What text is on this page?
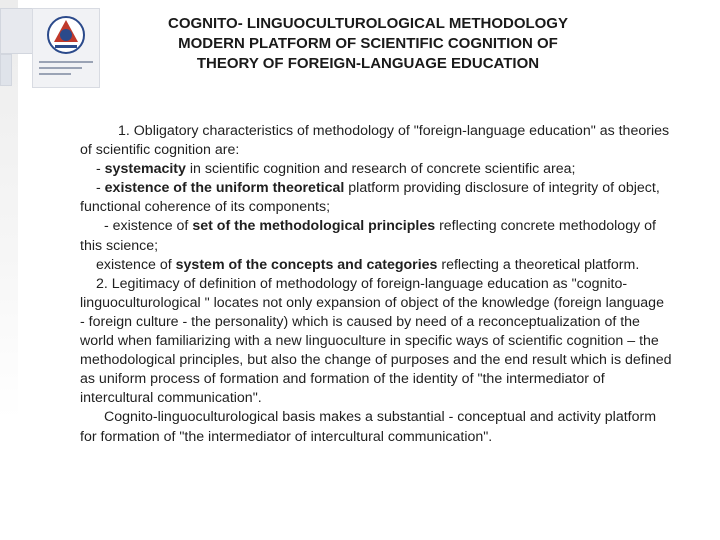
COGNITO- LINGUOCULTUROLOGICAL METHODOLOGY
MODERN PLATFORM OF SCIENTIFIC COGNITION OF
THEORY OF FOREIGN-LANGUAGE EDUCATION

1. Obligatory characteristics of methodology of "foreign-language education" as theories of scientific cognition are:

- systemacity in scientific cognition and research of concrete scientific area;

- existence of the uniform theoretical platform providing disclosure of integrity of object, functional coherence of its components;

- existence of set of the methodological principles reflecting concrete methodology of this science;

existence of system of the concepts and categories reflecting a theoretical platform.

2. Legitimacy of definition of methodology of foreign-language education as "cognito-linguoculturological " locates not only expansion of object of the knowledge (foreign language - foreign culture - the personality) which is caused by need of a reconceptualization of the world when familiarizing with a new linguoculture in specific ways of scientific cognition – the methodological principles, but also the change of purposes and the end result which is defined as uniform process of formation and formation of the identity of "the intermediator of intercultural communication".

Cognito-linguoculturological basis makes a substantial - conceptual and activity platform for formation of "the intermediator of intercultural communication".
